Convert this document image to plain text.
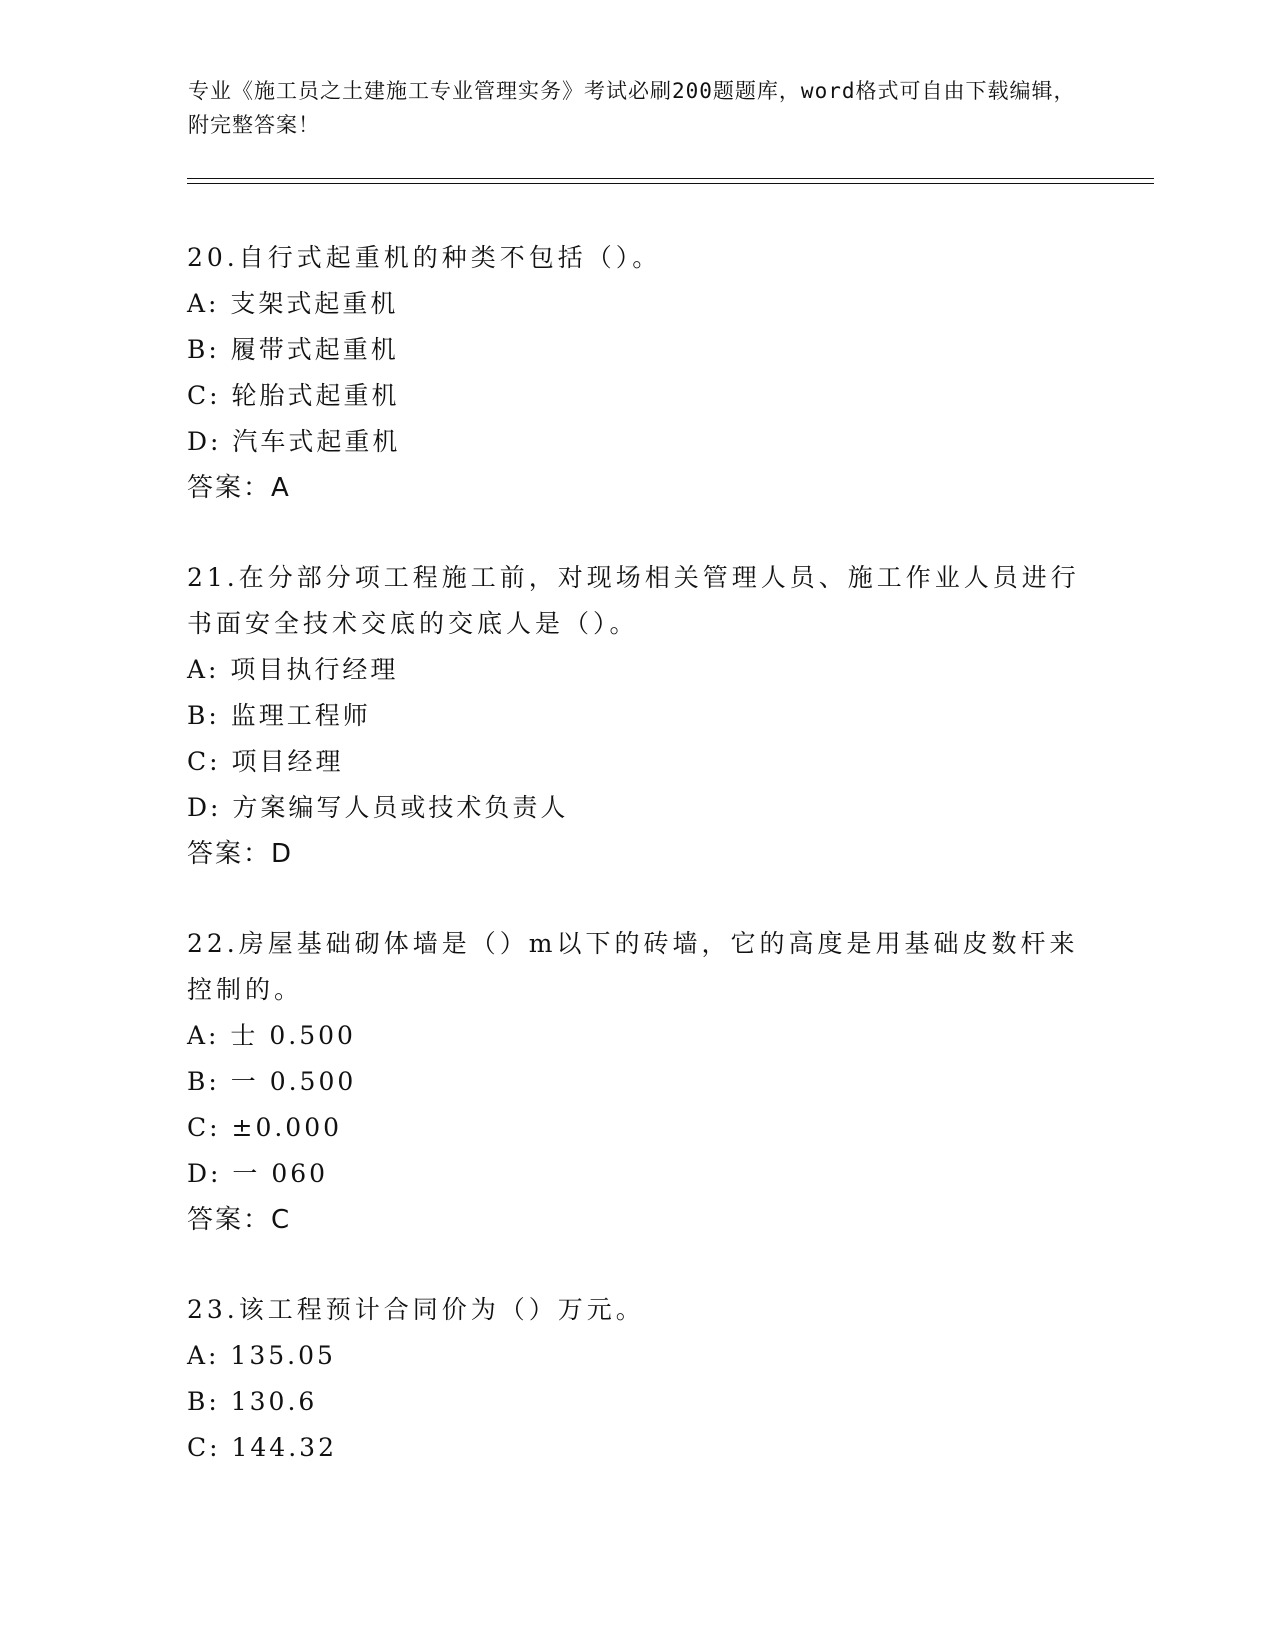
专业《施工员之土建施工专业管理实务》考试必刷200题题库，word格式可自由下载编辑，附完整答案！
20.自行式起重机的种类不包括（）。
A: 支架式起重机
B: 履带式起重机
C: 轮胎式起重机
D: 汽车式起重机
答案：A
21.在分部分项工程施工前，对现场相关管理人员、施工作业人员进行书面安全技术交底的交底人是（）。
A: 项目执行经理
B: 监理工程师
C: 项目经理
D: 方案编写人员或技术负责人
答案：D
22.房屋基础砌体墙是（）m以下的砖墙，它的高度是用基础皮数杆来控制的。
A: 士 0.500
B: 一 0.500
C: ±0.000
D: 一 060
答案：C
23.该工程预计合同价为（）万元。
A: 135.05
B: 130.6
C: 144.32
